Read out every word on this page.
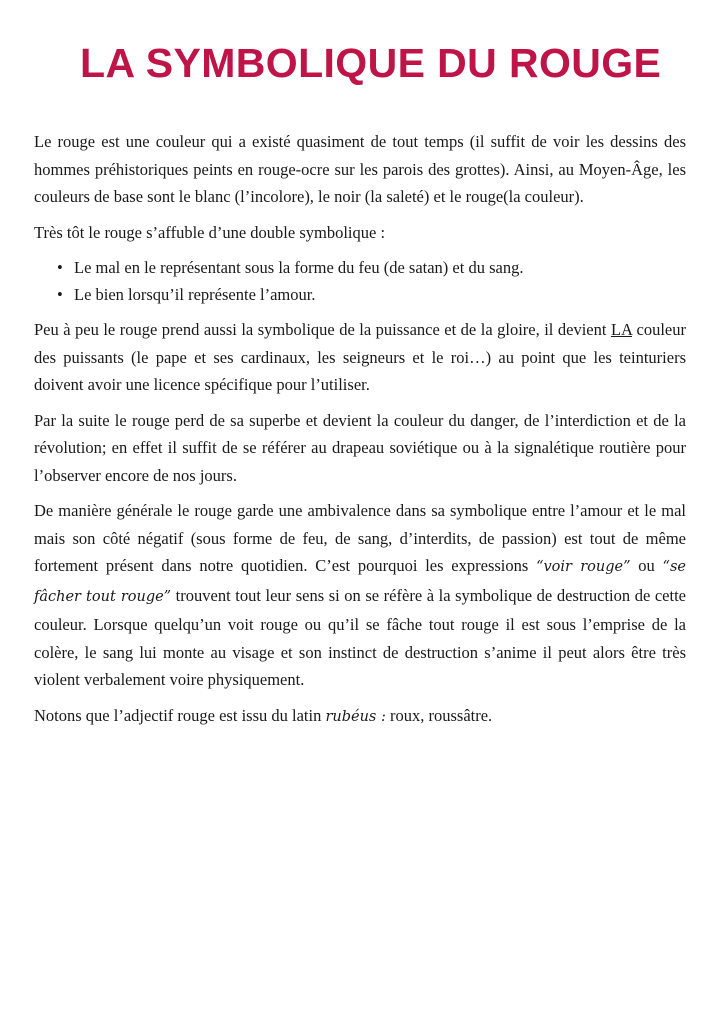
LA SYMBOLIQUE DU ROUGE

Le rouge est une couleur qui a existé quasiment de tout temps (il suffit de voir les dessins des hommes préhistoriques peints en rouge-ocre sur les parois des grottes). Ainsi, au Moyen-Âge, les couleurs de base sont le blanc (l’incolore), le noir (la saleté) et le rouge(la couleur).

Très tôt le rouge s’affuble d’une double symbolique :

• Le mal en le représentant sous la forme du feu (de satan) et du sang.
• Le bien lorsqu’il représente l’amour.

Peu à peu le rouge prend aussi la symbolique de la puissance et de la gloire, il devient LA couleur des puissants (le pape et ses cardinaux, les seigneurs et le roi…) au point que les teinturiers doivent avoir une licence spécifique pour l’utiliser.

Par la suite le rouge perd de sa superbe et devient la couleur du danger, de l’interdiction et de la révolution; en effet il suffit de se référer au drapeau soviétique ou à la signalétique routière pour l’observer encore de nos jours.

De manière générale le rouge garde une ambivalence dans sa symbolique entre l’amour et le mal mais son côté négatif (sous forme de feu, de sang, d’interdits, de passion) est tout de même fortement présent dans notre quotidien. C’est pourquoi les expressions “voir rouge” ou “se fâcher tout rouge” trouvent tout leur sens si on se réfère à la symbolique de destruction de cette couleur. Lorsque quelqu’un voit rouge ou qu’il se fâche tout rouge il est sous l’emprise de la colère, le sang lui monte au visage et son instinct de destruction s’anime il peut alors être très violent verbalement voire physiquement.

Notons que l’adjectif rouge est issu du latin rubéus : roux, roussâtre.
